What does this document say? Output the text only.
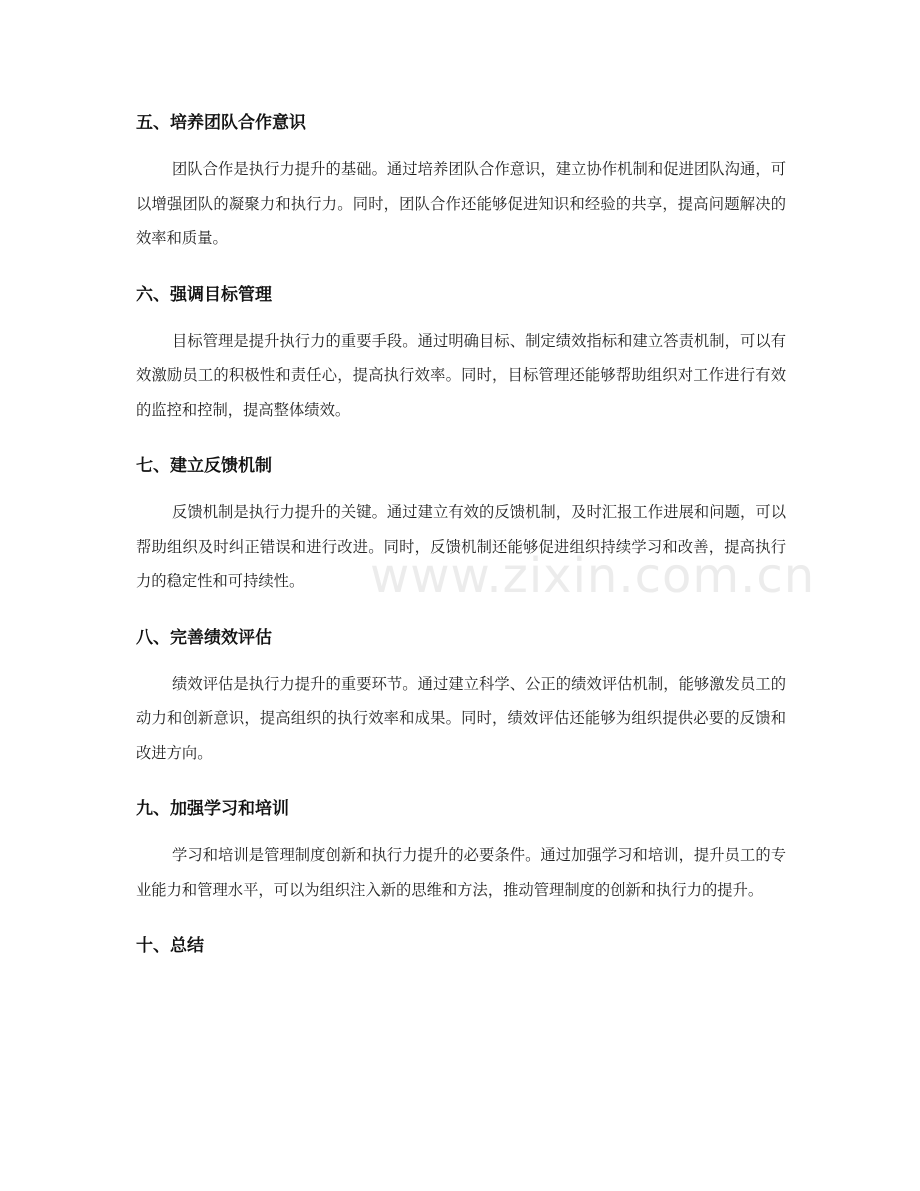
www.zixin.com.cn
五、培养团队合作意识

团队合作是执行力提升的基础。通过培养团队合作意识，建立协作机制和促进团队沟通，可以增强团队的凝聚力和执行力。同时，团队合作还能够促进知识和经验的共享，提高问题解决的效率和质量。

六、强调目标管理

目标管理是提升执行力的重要手段。通过明确目标、制定绩效指标和建立答责机制，可以有效激励员工的积极性和责任心，提高执行效率。同时，目标管理还能够帮助组织对工作进行有效的监控和控制，提高整体绩效。

七、建立反馈机制

反馈机制是执行力提升的关键。通过建立有效的反馈机制，及时汇报工作进展和问题，可以帮助组织及时纠正错误和进行改进。同时，反馈机制还能够促进组织持续学习和改善，提高执行力的稳定性和可持续性。

八、完善绩效评估

绩效评估是执行力提升的重要环节。通过建立科学、公正的绩效评估机制，能够激发员工的动力和创新意识，提高组织的执行效率和成果。同时，绩效评估还能够为组织提供必要的反馈和改进方向。

九、加强学习和培训

学习和培训是管理制度创新和执行力提升的必要条件。通过加强学习和培训，提升员工的专业能力和管理水平，可以为组织注入新的思维和方法，推动管理制度的创新和执行力的提升。

十、总结
